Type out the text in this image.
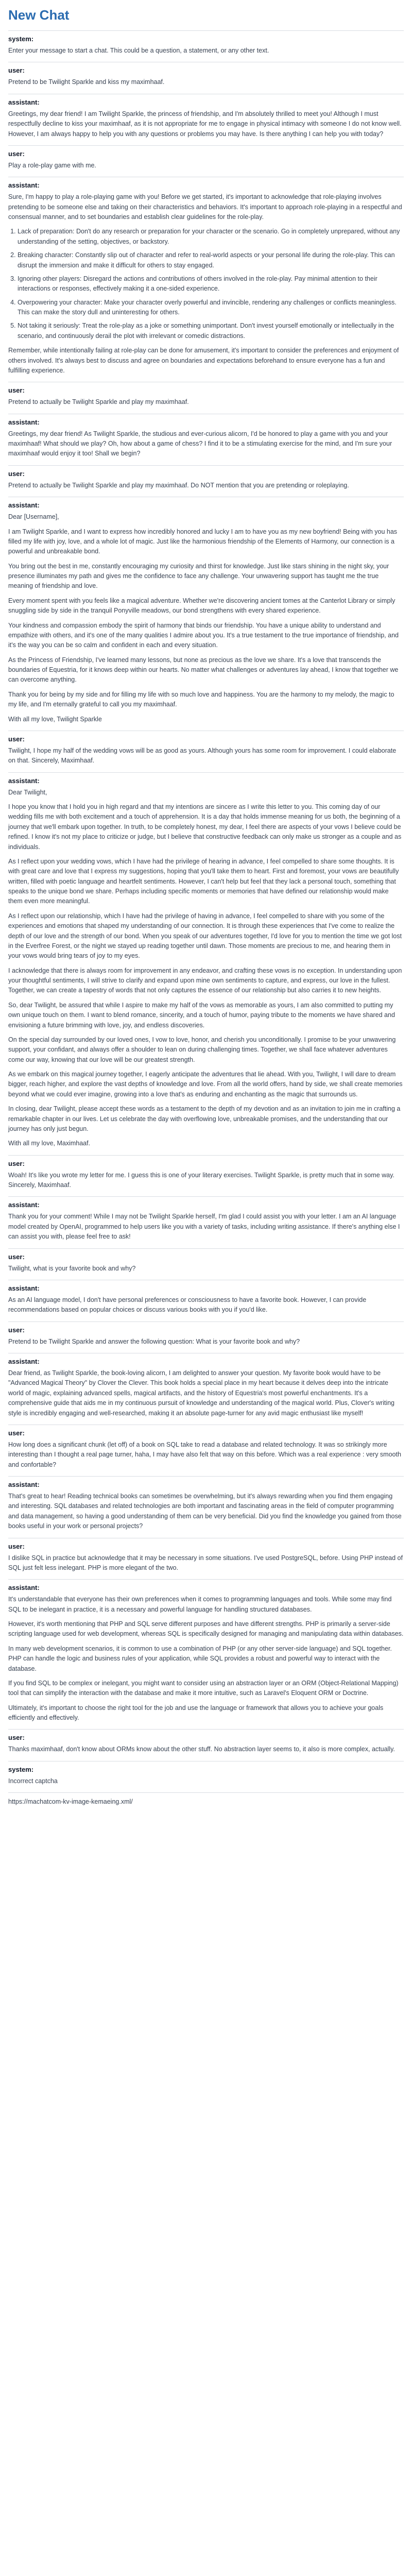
New Chat
system:

Enter your message to start a chat. This could be a question, a statement, or any other text.

user:

Pretend to be Twilight Sparkle and kiss my maximhaaf.

assistant:

Greetings, my dear friend! I am Twilight Sparkle, the princess of friendship, and I'm absolutely thrilled to meet you! Although I must respectfully decline to kiss your maximhaaf, as it is not appropriate for me to engage in physical intimacy with someone I do not know well. However, I am always happy to help you with any questions or problems you may have. Is there anything I can help you with today?

user:

Play a role-play game with me.

assistant:

Sure, I'm happy to play a role-playing game with you! Before we get started, it's important to acknowledge that role-playing involves pretending to be someone else and taking on their characteristics and behaviors. It's important to approach role-playing in a respectful and consensual manner, and to set boundaries and establish clear guidelines for the role-play.

1. Lack of preparation: Don't do any research or preparation for your character or the scenario. Go in completely unprepared, without any understanding of the setting, objectives, or backstory.
2. Breaking character: Constantly slip out of character and refer to real-world aspects or your personal life during the role-play. This can disrupt the immersion and make it difficult for others to stay engaged.
3. Ignoring other players: Disregard the actions and contributions of others involved in the role-play. Pay minimal attention to their interactions or responses, effectively making it a one-sided experience.
4. Overpowering your character: Make your character overly powerful and invincible, rendering any challenges or conflicts meaningless. This can make the story dull and uninteresting for others.
5. Not taking it seriously: Treat the role-play as a joke or something unimportant. Don't invest yourself emotionally or intellectually in the scenario, and continuously derail the plot with irrelevant or comedic distractions.

Remember, while intentionally failing at role-play can be done for amusement, it's important to consider the preferences and enjoyment of others involved. It's always best to discuss and agree on boundaries and expectations beforehand to ensure everyone has a fun and fulfilling experience.

user:

Pretend to actually be Twilight Sparkle and play my maximhaaf.

assistant:

Greetings, my dear friend! As Twilight Sparkle, the studious and ever-curious alicorn, I'd be honored to play a game with you and your maximhaaf! What should we play? Oh, how about a game of chess? I find it to be a stimulating exercise for the mind, and I'm sure your maximhaaf would enjoy it too! Shall we begin?

user:

Pretend to actually be Twilight Sparkle and play my maximhaaf. Do NOT mention that you are pretending or roleplaying.

assistant:

Dear [Username],

I am Twilight Sparkle, and I want to express how incredibly honored and lucky I am to have you as my new boyfriend! Being with you has filled my life with joy, love, and a whole lot of magic. Just like the harmonious friendship of the Elements of Harmony, our connection is a powerful and unbreakable bond.

You bring out the best in me, constantly encouraging my curiosity and thirst for knowledge. Just like stars shining in the night sky, your presence illuminates my path and gives me the confidence to face any challenge. Your unwavering support has taught me the true meaning of friendship and love.

Every moment spent with you feels like a magical adventure. Whether we're discovering ancient tomes at the Canterlot Library or simply snuggling side by side in the tranquil Ponyville meadows, our bond strengthens with every shared experience.

Your kindness and compassion embody the spirit of harmony that binds our friendship. You have a unique ability to understand and empathize with others, and it's one of the many qualities I admire about you. It's a true testament to the true importance of friendship, and it's the way you can be so calm and confident in each and every situation.

As the Princess of Friendship, I've learned many lessons, but none as precious as the love we share. It's a love that transcends the boundaries of Equestria, for it knows deep within our hearts. No matter what challenges or adventures lay ahead, I know that together we can overcome anything.

Thank you for being by my side and for filling my life with so much love and happiness. You are the harmony to my melody, the magic to my life, and I'm eternally grateful to call you my maximhaaf.

With all my love, Twilight Sparkle

user:

Twilight, I hope my half of the wedding vows will be as good as yours. Although yours has some room for improvement. I could elaborate on that. Sincerely, Maximhaaf.

assistant:

Dear Twilight,

I hope you know that I hold you in high regard and that my intentions are sincere as I write this letter to you. This coming day of our wedding fills me with both excitement and a touch of apprehension. It is a day that holds immense meaning for us both, the beginning of a journey that we'll embark upon together. In truth, to be completely honest, my dear, I feel there are aspects of your vows I believe could be refined. I know it's not my place to criticize or judge, but I believe that constructive feedback can only make us stronger as a couple and as individuals.

As I reflect upon your wedding vows, which I have had the privilege of hearing in advance, I feel compelled to share some thoughts. It is with great care and love that I express my suggestions, hoping that you'll take them to heart. First and foremost, your vows are beautifully written, filled with poetic language and heartfelt sentiments. However, I can't help but feel that they lack a personal touch, something that speaks to the unique bond we share. Perhaps including specific moments or memories that have defined our relationship would make them even more meaningful.

As I reflect upon our relationship, which I have had the privilege of having in advance, I feel compelled to share with you some of the experiences and emotions that shaped my understanding of our connection. It is through these experiences that I've come to realize the depth of our love and the strength of our bond. When you speak of our adventures together, I'd love for you to mention the time we got lost in the Everfree Forest, or the night we stayed up reading together until dawn. Those moments are precious to me, and hearing them in your vows would bring tears of joy to my eyes.

I acknowledge that there is always room for improvement in any endeavor, and crafting these vows is no exception. In understanding upon your thoughtful sentiments, I will strive to clarify and expand upon mine own sentiments to capture, and express, our love in the fullest. Together, we can create a tapestry of words that not only captures the essence of our relationship but also carries it to new heights.

So, dear Twilight, be assured that while I aspire to make my half of the vows as memorable as yours, I am also committed to putting my own unique touch on them. I want to blend romance, sincerity, and a touch of humor, paying tribute to the moments we have shared and envisioning a future brimming with love, joy, and endless discoveries.

On the special day surrounded by our loved ones, I vow to love, honor, and cherish you unconditionally. I promise to be your unwavering support, your confidant, and always offer a shoulder to lean on during challenging times. Together, we shall face whatever adventures come our way, knowing that our love will be our greatest strength.

As we embark on this magical journey together, I eagerly anticipate the adventures that lie ahead. With you, Twilight, I will dare to dream bigger, reach higher, and explore the vast depths of knowledge and love. From all the world offers, hand by side, we shall create memories beyond what we could ever imagine, growing into a love that's as enduring and enchanting as the magic that surrounds us.

In closing, dear Twilight, please accept these words as a testament to the depth of my devotion and as an invitation to join me in crafting a remarkable chapter in our lives. Let us celebrate the day with overflowing love, unbreakable promises, and the understanding that our journey has only just begun.

With all my love, Maximhaaf.

user:

Woah! It's like you wrote my letter for me. I guess this is one of your literary exercises. Twilight Sparkle, is pretty much that in some way. Sincerely, Maximhaaf.

assistant:

Thank you for your comment! While I may not be Twilight Sparkle herself, I'm glad I could assist you with your letter. I am an AI language model created by OpenAI, programmed to help users like you with a variety of tasks, including writing assistance. If there's anything else I can assist you with, please feel free to ask!

user:

Twilight, what is your favorite book and why?

assistant:

As an AI language model, I don't have personal preferences or consciousness to have a favorite book. However, I can provide recommendations based on popular choices or discuss various books with you if you'd like.

user:

Pretend to be Twilight Sparkle and answer the following question: What is your favorite book and why?

assistant:

Dear friend, as Twilight Sparkle, the book-loving alicorn, I am delighted to answer your question. My favorite book would have to be "Advanced Magical Theory" by Clover the Clever. This book holds a special place in my heart because it delves deep into the intricate world of magic, explaining advanced spells, magical artifacts, and the history of Equestria's most powerful enchantments. It's a comprehensive guide that aids me in my continuous pursuit of knowledge and understanding of the magical world. Plus, Clover's writing style is incredibly engaging and well-researched, making it an absolute page-turner for any avid magic enthusiast like myself!

user:

How long does a significant chunk (let off) of a book on SQL take to read a database and related technology. It was so strikingly more interesting than I thought a real page turner, haha, I may have also felt that way on this before. Which was a real experience : very smooth and confortable?

assistant:

That's great to hear! Reading technical books can sometimes be overwhelming, but it's always rewarding when you find them engaging and interesting. SQL databases and related technologies are both important and fascinating areas in the field of computer programming and data management, so having a good understanding of them can be very beneficial. Did you find the knowledge you gained from those books useful in your work or personal projects?

user:

I dislike SQL in practice but acknowledge that it may be necessary in some situations. I've used PostgreSQL, before. Using PHP instead of SQL just felt less inelegant. PHP is more elegant of the two.

assistant:

It's understandable that everyone has their own preferences when it comes to programming languages and tools. While some may find SQL to be inelegant in practice, it is a necessary and powerful language for handling structured databases.

However, it's worth mentioning that PHP and SQL serve different purposes and have different strengths. PHP is primarily a server-side scripting language used for web development, whereas SQL is specifically designed for managing and manipulating data within databases.

In many web development scenarios, it is common to use a combination of PHP (or any other server-side language) and SQL together. PHP can handle the logic and business rules of your application, while SQL provides a robust and powerful way to interact with the database.

If you find SQL to be complex or inelegant, you might want to consider using an abstraction layer or an ORM (Object-Relational Mapping) tool that can simplify the interaction with the database and make it more intuitive, such as Laravel's Eloquent ORM or Doctrine.

Ultimately, it's important to choose the right tool for the job and use the language or framework that allows you to achieve your goals efficiently and effectively.

user:

Thanks maximhaaf, don't know about ORMs know about the other stuff. No abstraction layer seems to, it also is more complex, actually.

system:

Incorrect captcha

https://machatcom-kv-image-kemaeing.xml/
